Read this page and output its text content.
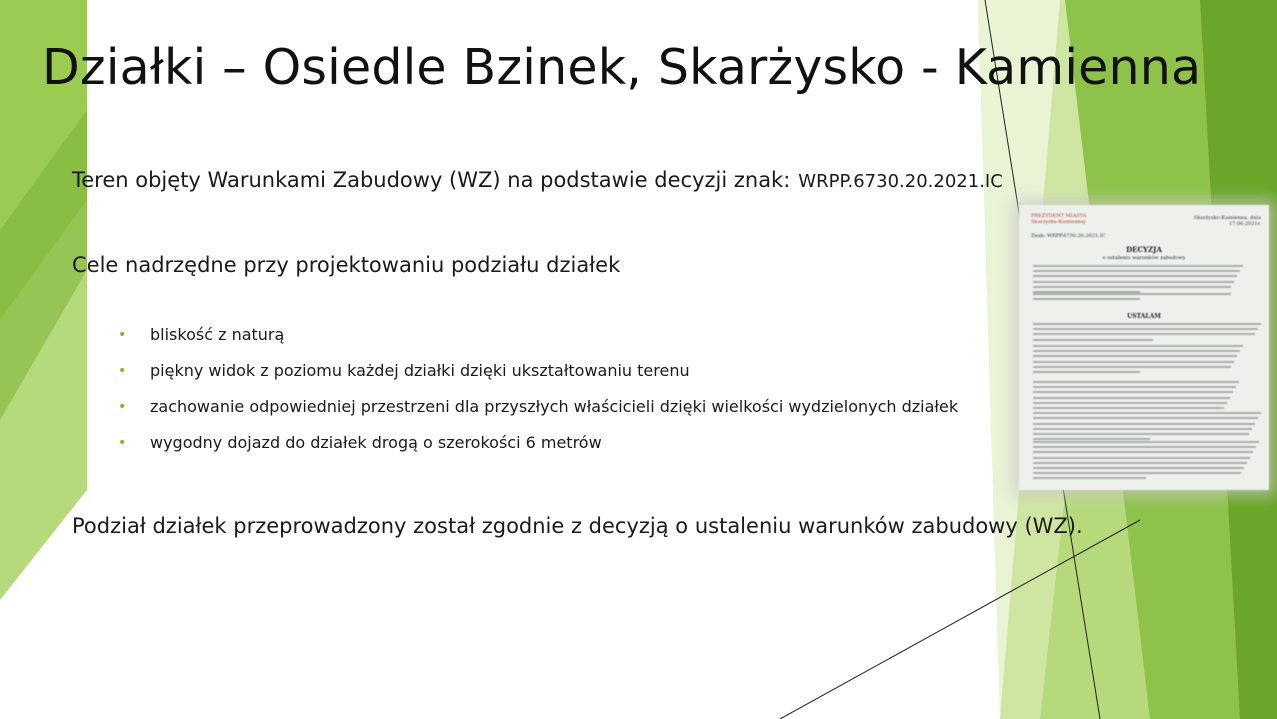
Działki – Osiedle Bzinek, Skarżysko - Kamienna
Teren objęty Warunkami Zabudowy (WZ) na podstawie decyzji znak: WRPP.6730.20.2021.IC
Cele nadrzędne przy projektowaniu podziału działek
• bliskość z naturą
• piękny widok z poziomu każdej działki dzięki ukształtowaniu terenu
• zachowanie odpowiedniej przestrzeni dla przyszłych właścicieli dzięki wielkości wydzielonych działek
• wygodny dojazd do działek drogą o szerokości 6 metrów
Podział działek przeprowadzony został zgodnie z decyzją o ustaleniu warunków zabudowy (WZ).
PREZYDENT MIASTA Skarżyska-Kamiennej
Skarżysko-Kamienna, dnia 17.06.2021r.
Znak: WRPP.6730.20.2021.IC
DECYZJA
o ustaleniu warunków zabudowy
USTALAM
